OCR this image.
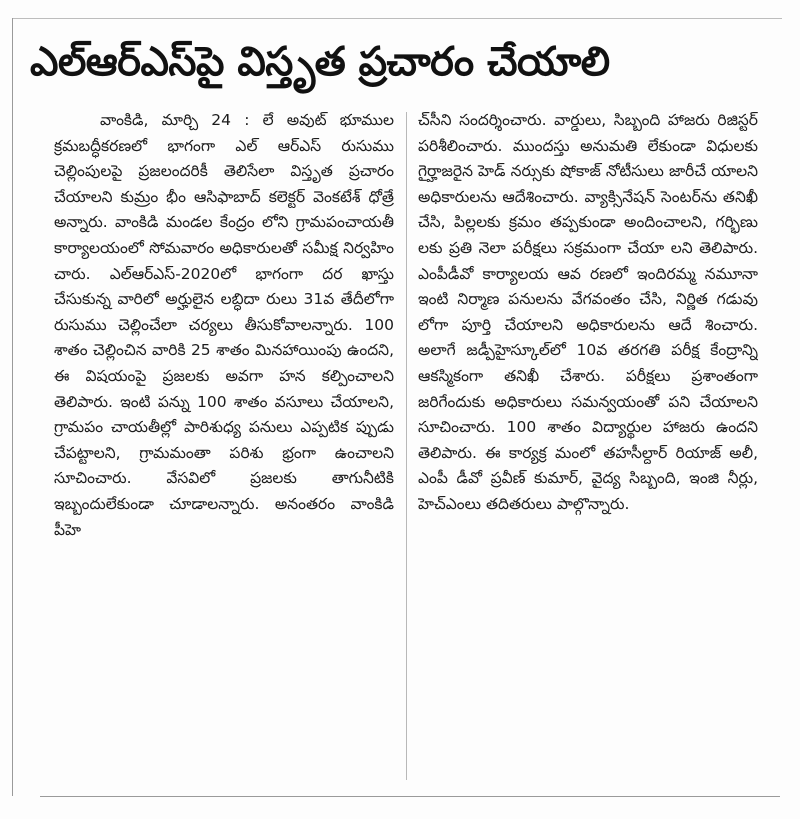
ఎల్‌ఆర్‌ఎస్‌పై విస్తృత ప్రచారం చేయాలి

వాంకిడి, మార్చి 24 : లే అవుట్ భూముల క్రమబద్ధీకరణలో భాగంగా ఎల్ ఆర్ఎస్ రుసుము చెల్లింపులపై ప్రజలందరికీ తెలిసేలా విస్తృత ప్రచారం చేయాలని కుమ్రం భీం ఆసిఫాబాద్ కలెక్టర్ వెంకటేశ్ ధోత్రే అన్నారు. వాంకిడి మండల కేంద్రం లోని గ్రామపంచాయతీ కార్యాలయంలో సోమవారం అధికారులతో సమీక్ష నిర్వహిం చారు. ఎల్ఆర్ఎస్-2020లో భాగంగా దర ఖాస్తు చేసుకున్న వారిలో అర్హులైన లబ్ధిదా రులు 31వ తేదీలోగా రుసుము చెల్లించేలా చర్యలు తీసుకోవాలన్నారు. 100 శాతం చెల్లించిన వారికి 25 శాతం మినహాయింపు ఉందని, ఈ విషయంపై ప్రజలకు అవగా హన కల్పించాలని తెలిపారు. ఇంటి పన్ను 100 శాతం వసూలు చేయాలని, గ్రామపం చాయతీల్లో పారిశుధ్య పనులు ఎప్పటిక ప్పుడు చేపట్టాలని, గ్రామమంతా పరిశు భ్రంగా ఉంచాలని సూచించారు. వేసవిలో ప్రజలకు తాగునీటికి ఇబ్బందులేకుండా చూడాలన్నారు. అనంతరం వాంకిడి పీహె

చ్‌సీని సందర్శించారు. వార్డులు, సిబ్బంది హాజరు రిజిస్టర్ పరిశీలించారు. ముందస్తు అనుమతి లేకుండా విధులకు గైర్హాజరైన హెడ్ నర్సుకు షోకాజ్ నోటీసులు జారీచే యాలని అధికారులను ఆదేశించారు. వ్యాక్సినేషన్ సెంటర్‌ను తనిఖీ చేసి, పిల్లలకు క్రమం తప్పకుండా అందించాలని, గర్భిణు లకు ప్రతి నెలా పరీక్షలు సక్రమంగా చేయా లని తెలిపారు. ఎంపీడీవో కార్యాలయ ఆవ రణలో ఇందిరమ్మ నమూనా ఇంటి నిర్మాణ పనులను వేగవంతం చేసి, నిర్ణిత గడువు లోగా పూర్తి చేయాలని అధికారులను ఆదే శించారు. అలాగే జడ్పీహైస్కూల్‌లో 10వ తరగతి పరీక్ష కేంద్రాన్ని ఆకస్మికంగా తనిఖీ చేశారు. పరీక్షలు ప్రశాంతంగా జరిగేందుకు అధికారులు సమన్వయంతో పని చేయాలని సూచించారు. 100 శాతం విద్యార్థుల హాజరు ఉందని తెలిపారు. ఈ కార్యక్ర మంలో తహసీల్దార్ రియాజ్ అలీ, ఎంపీ డీవో ప్రవీణ్ కుమార్, వైద్య సిబ్బంది, ఇంజి నీర్లు, హెచ్ఎంలు తదితరులు పాల్గొన్నారు.
